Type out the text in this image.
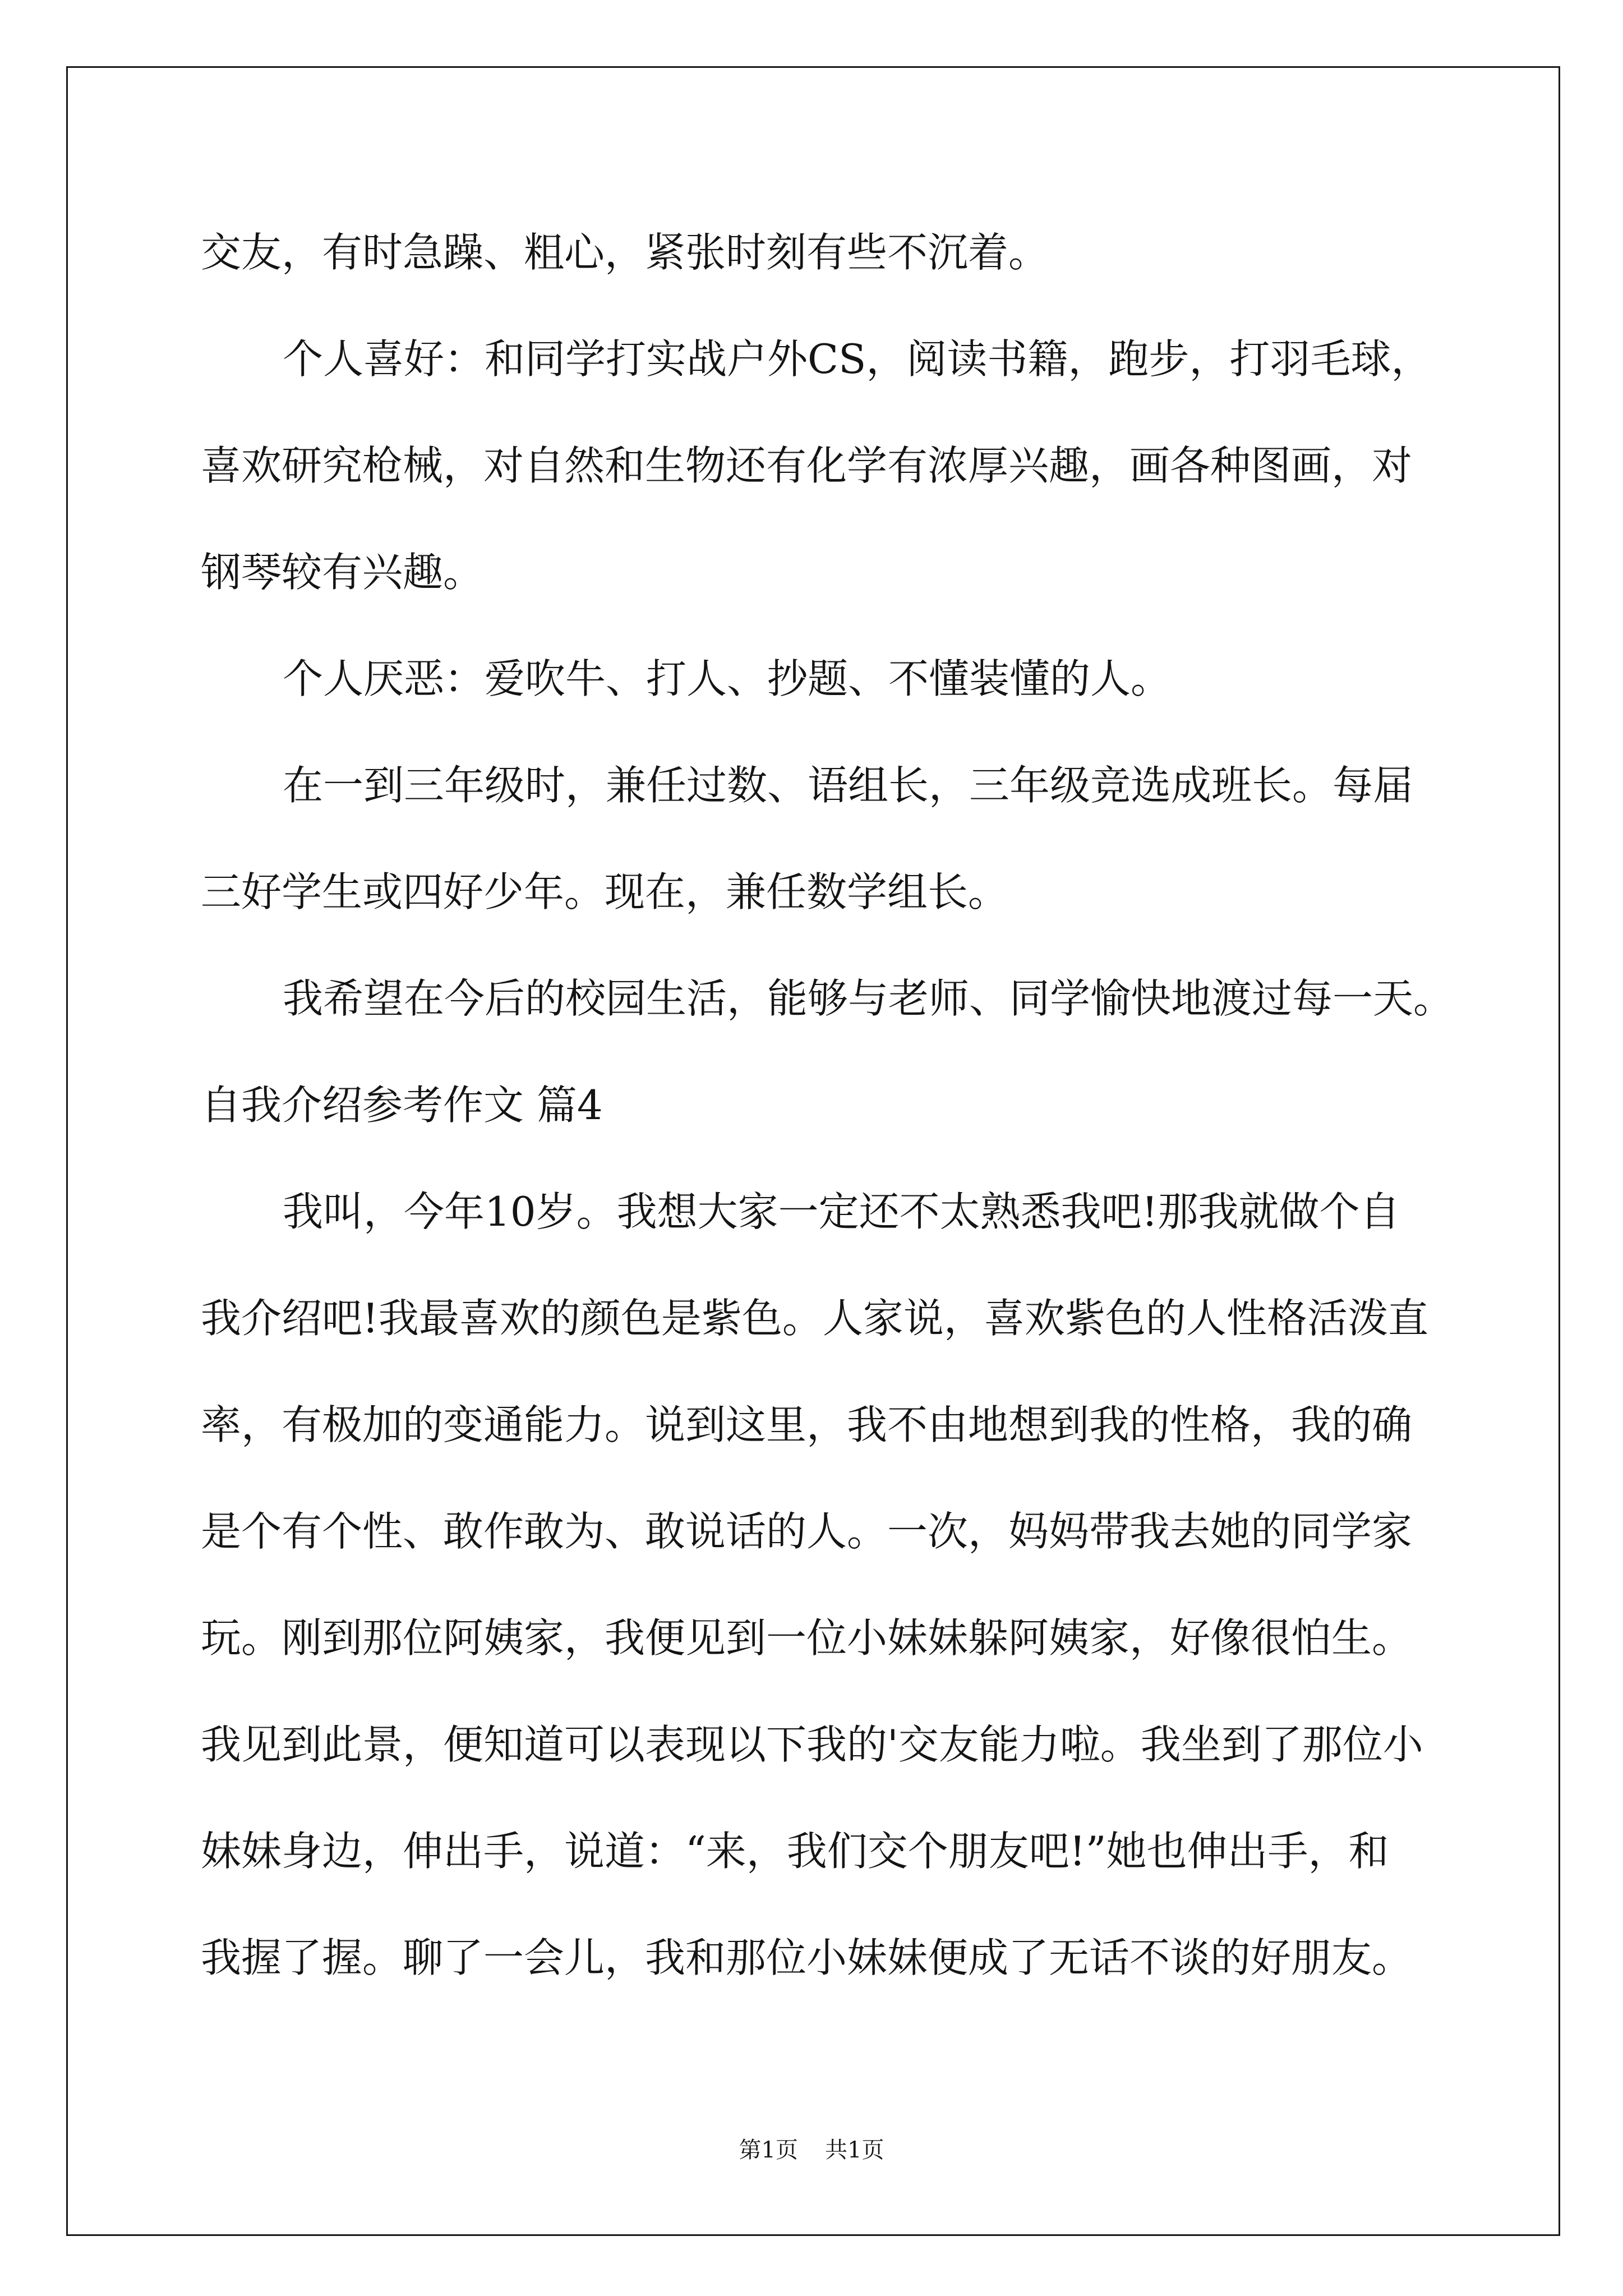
交友，有时急躁、粗心，紧张时刻有些不沉着。
个人喜好：和同学打实战户外CS，阅读书籍，跑步，打羽毛球，
喜欢研究枪械，对自然和生物还有化学有浓厚兴趣，画各种图画，对
钢琴较有兴趣。
个人厌恶：爱吹牛、打人、抄题、不懂装懂的人。
在一到三年级时，兼任过数、语组长，三年级竞选成班长。每届
三好学生或四好少年。现在，兼任数学组长。
我希望在今后的校园生活，能够与老师、同学愉快地渡过每一天。
自我介绍参考作文 篇4
我叫，今年10岁。我想大家一定还不太熟悉我吧!那我就做个自
我介绍吧!我最喜欢的颜色是紫色。人家说，喜欢紫色的人性格活泼直
率，有极加的变通能力。说到这里，我不由地想到我的性格，我的确
是个有个性、敢作敢为、敢说话的人。一次，妈妈带我去她的同学家
玩。刚到那位阿姨家，我便见到一位小妹妹躲阿姨家，好像很怕生。
我见到此景，便知道可以表现以下我的'交友能力啦。我坐到了那位小
妹妹身边，伸出手，说道：“来，我们交个朋友吧!”她也伸出手，和
我握了握。聊了一会儿，我和那位小妹妹便成了无话不谈的好朋友。
第1页 共1页
